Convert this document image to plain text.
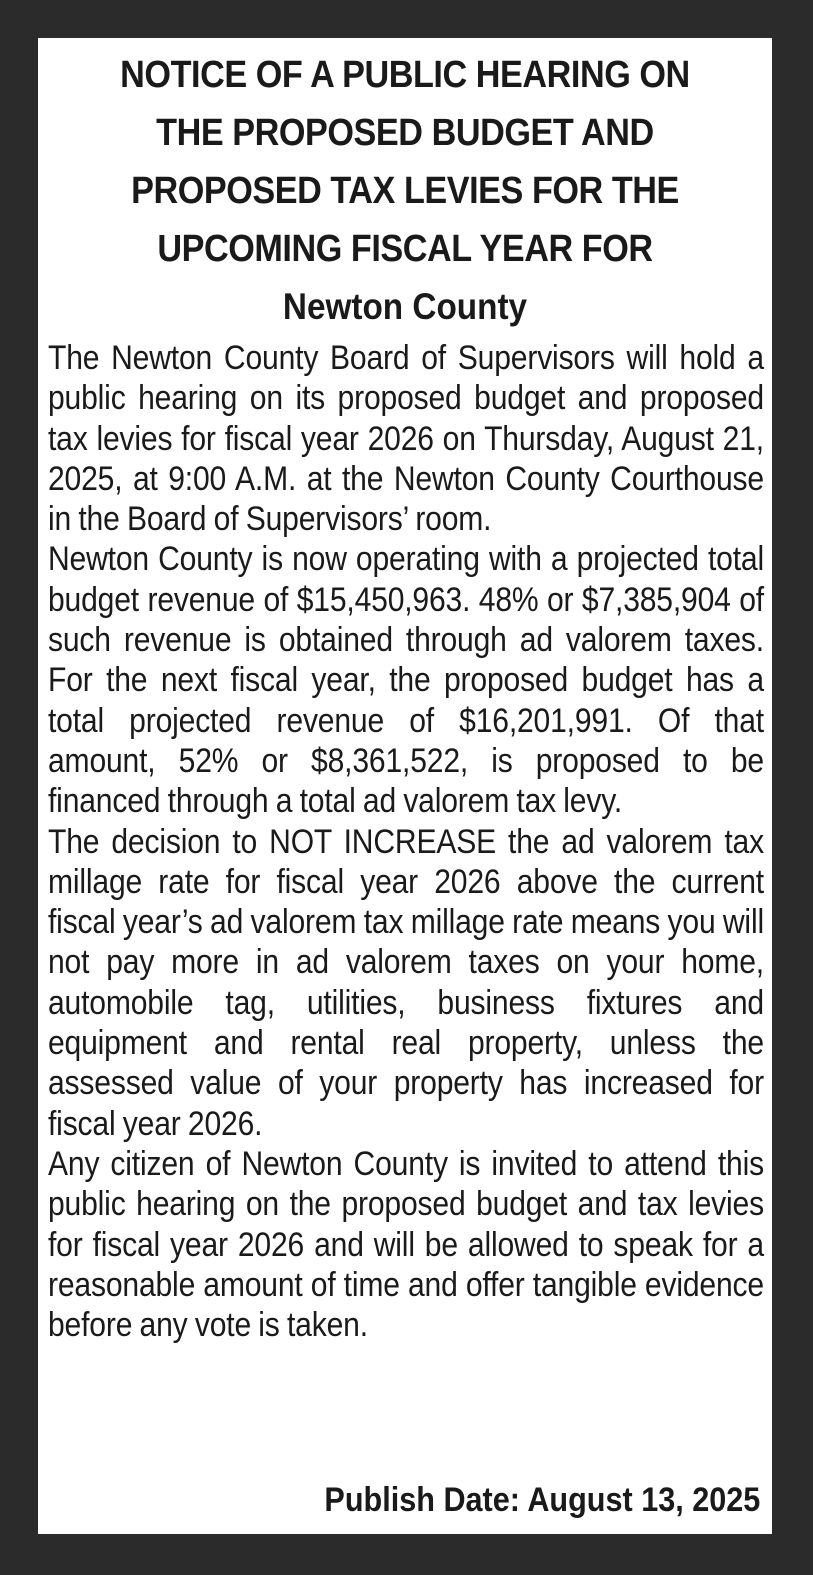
NOTICE OF A PUBLIC HEARING ON

THE PROPOSED BUDGET AND

PROPOSED TAX LEVIES FOR THE

UPCOMING FISCAL YEAR FOR

Newton County

The Newton County Board of Supervisors will hold a public hearing on its proposed budget and proposed tax levies for fiscal year 2026 on Thursday, August 21, 2025, at 9:00 A.M. at the Newton County Courthouse in the Board of Supervisors’ room.

Newton County is now operating with a projected total budget revenue of $15,450,963. 48% or $7,385,904 of such revenue is obtained through ad valorem taxes. For the next fiscal year, the proposed budget has a total projected revenue of $16,201,991. Of that amount, 52% or $8,361,522, is proposed to be financed through a total ad valorem tax levy.

The decision to NOT INCREASE the ad valorem tax millage rate for fiscal year 2026 above the current fiscal year’s ad valorem tax millage rate means you will not pay more in ad valorem taxes on your home, automobile tag, utilities, business fixtures and equipment and rental real property, unless the assessed value of your property has increased for fiscal year 2026.

Any citizen of Newton County is invited to attend this public hearing on the proposed budget and tax levies for fiscal year 2026 and will be allowed to speak for a reasonable amount of time and offer tangible evidence before any vote is taken.

Publish Date: August 13, 2025
